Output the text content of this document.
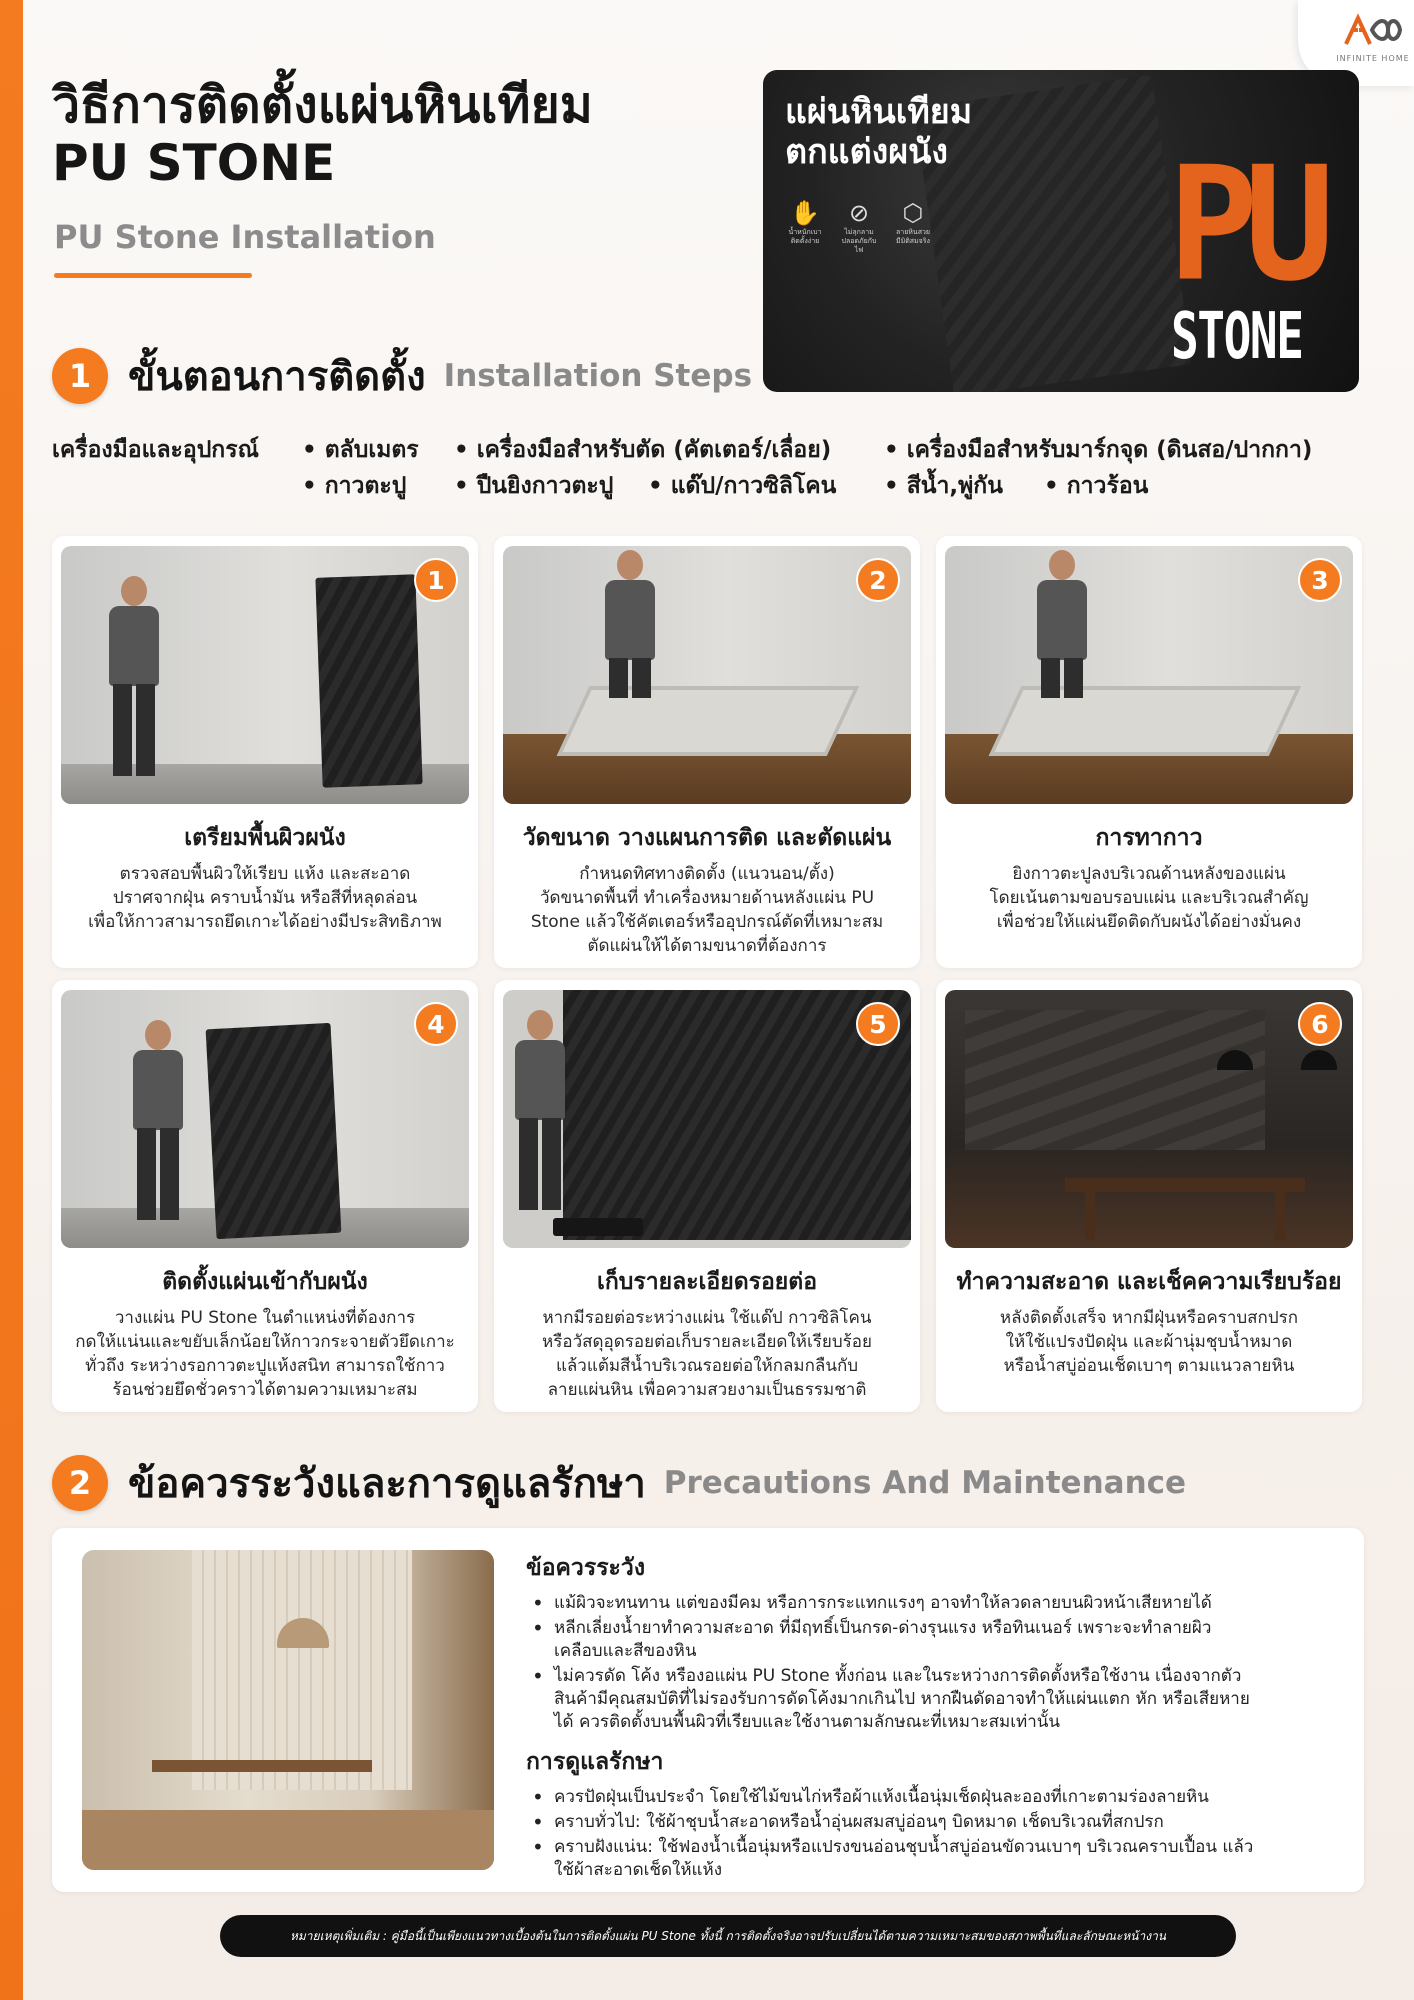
INFINITE HOME
วิธีการติดตั้งแผ่นหินเทียม
PU STONE
PU Stone Installation
แผ่นหินเทียม
ตกแต่งผนัง
✋
น้ำหนักเบา ติดตั้งง่าย
⊘
ไม่ลุกลาม ปลอดภัยกับไฟ
⬡
ลายหินสวย มีมิติสมจริง PU
STONE
1 ขั้นตอนการติดตั้ง Installation Steps
เครื่องมือและอุปกรณ์ • ตลับเมตร • เครื่องมือสำหรับตัด (คัตเตอร์/เลื่อย) • เครื่องมือสำหรับมาร์กจุด (ดินสอ/ปากกา)
• กาวตะปู • ปืนยิงกาวตะปู • แด๊ป/กาวซิลิโคน • สีน้ำ,พู่กัน • กาวร้อน
1
เตรียมพื้นผิวผนัง
ตรวจสอบพื้นผิวให้เรียบ แห้ง และสะอาด
ปราศจากฝุ่น คราบน้ำมัน หรือสีที่หลุดล่อน
เพื่อให้กาวสามารถยึดเกาะได้อย่างมีประสิทธิภาพ
2
วัดขนาด วางแผนการติด และตัดแผ่น
กำหนดทิศทางติดตั้ง (แนวนอน/ตั้ง)
วัดขนาดพื้นที่ ทำเครื่องหมายด้านหลังแผ่น PU
Stone แล้วใช้คัตเตอร์หรืออุปกรณ์ตัดที่เหมาะสม
ตัดแผ่นให้ได้ตามขนาดที่ต้องการ
3
การทากาว
ยิงกาวตะปูลงบริเวณด้านหลังของแผ่น
โดยเน้นตามขอบรอบแผ่น และบริเวณสำคัญ
เพื่อช่วยให้แผ่นยึดติดกับผนังได้อย่างมั่นคง
4
ติดตั้งแผ่นเข้ากับผนัง
วางแผ่น PU Stone ในตำแหน่งที่ต้องการ
กดให้แน่นและขยับเล็กน้อยให้กาวกระจายตัวยึดเกาะ
ทั่วถึง ระหว่างรอกาวตะปูแห้งสนิท สามารถใช้กาว
ร้อนช่วยยึดชั่วคราวได้ตามความเหมาะสม
5
เก็บรายละเอียดรอยต่อ
หากมีรอยต่อระหว่างแผ่น ใช้แด๊ป กาวซิลิโคน
หรือวัสดุอุดรอยต่อเก็บรายละเอียดให้เรียบร้อย
แล้วแต้มสีน้ำบริเวณรอยต่อให้กลมกลืนกับ
ลายแผ่นหิน เพื่อความสวยงามเป็นธรรมชาติ
6
ทำความสะอาด และเช็คความเรียบร้อย
หลังติดตั้งเสร็จ หากมีฝุ่นหรือคราบสกปรก
ให้ใช้แปรงปัดฝุ่น และผ้านุ่มชุบน้ำหมาด
หรือน้ำสบู่อ่อนเช็ดเบาๆ ตามแนวลายหิน
2 ข้อควรระวังและการดูแลรักษา Precautions And Maintenance
ข้อควรระวัง
• แม้ผิวจะทนทาน แต่ของมีคม หรือการกระแทกแรงๆ อาจทำให้ลวดลายบนผิวหน้าเสียหายได้
• หลีกเลี่ยงน้ำยาทำความสะอาด ที่มีฤทธิ์เป็นกรด-ด่างรุนแรง หรือทินเนอร์ เพราะจะทำลายผิว
เคลือบและสีของหิน
• ไม่ควรดัด โค้ง หรืองอแผ่น PU Stone ทั้งก่อน และในระหว่างการติดตั้งหรือใช้งาน เนื่องจากตัว
สินค้ามีคุณสมบัติที่ไม่รองรับการดัดโค้งมากเกินไป หากฝืนดัดอาจทำให้แผ่นแตก หัก หรือเสียหาย
ได้ ควรติดตั้งบนพื้นผิวที่เรียบและใช้งานตามลักษณะที่เหมาะสมเท่านั้น
การดูแลรักษา
• ควรปัดฝุ่นเป็นประจำ โดยใช้ไม้ขนไก่หรือผ้าแห้งเนื้อนุ่มเช็ดฝุ่นละอองที่เกาะตามร่องลายหิน
• คราบทั่วไป: ใช้ผ้าชุบน้ำสะอาดหรือน้ำอุ่นผสมสบู่อ่อนๆ บิดหมาด เช็ดบริเวณที่สกปรก
• คราบฝังแน่น: ใช้ฟองน้ำเนื้อนุ่มหรือแปรงขนอ่อนชุบน้ำสบู่อ่อนขัดวนเบาๆ บริเวณคราบเปื้อน แล้ว
ใช้ผ้าสะอาดเช็ดให้แห้ง
หมายเหตุเพิ่มเติม : คู่มือนี้เป็นเพียงแนวทางเบื้องต้นในการติดตั้งแผ่น PU Stone ทั้งนี้ การติดตั้งจริงอาจปรับเปลี่ยนได้ตามความเหมาะสมของสภาพพื้นที่และลักษณะหน้างาน
